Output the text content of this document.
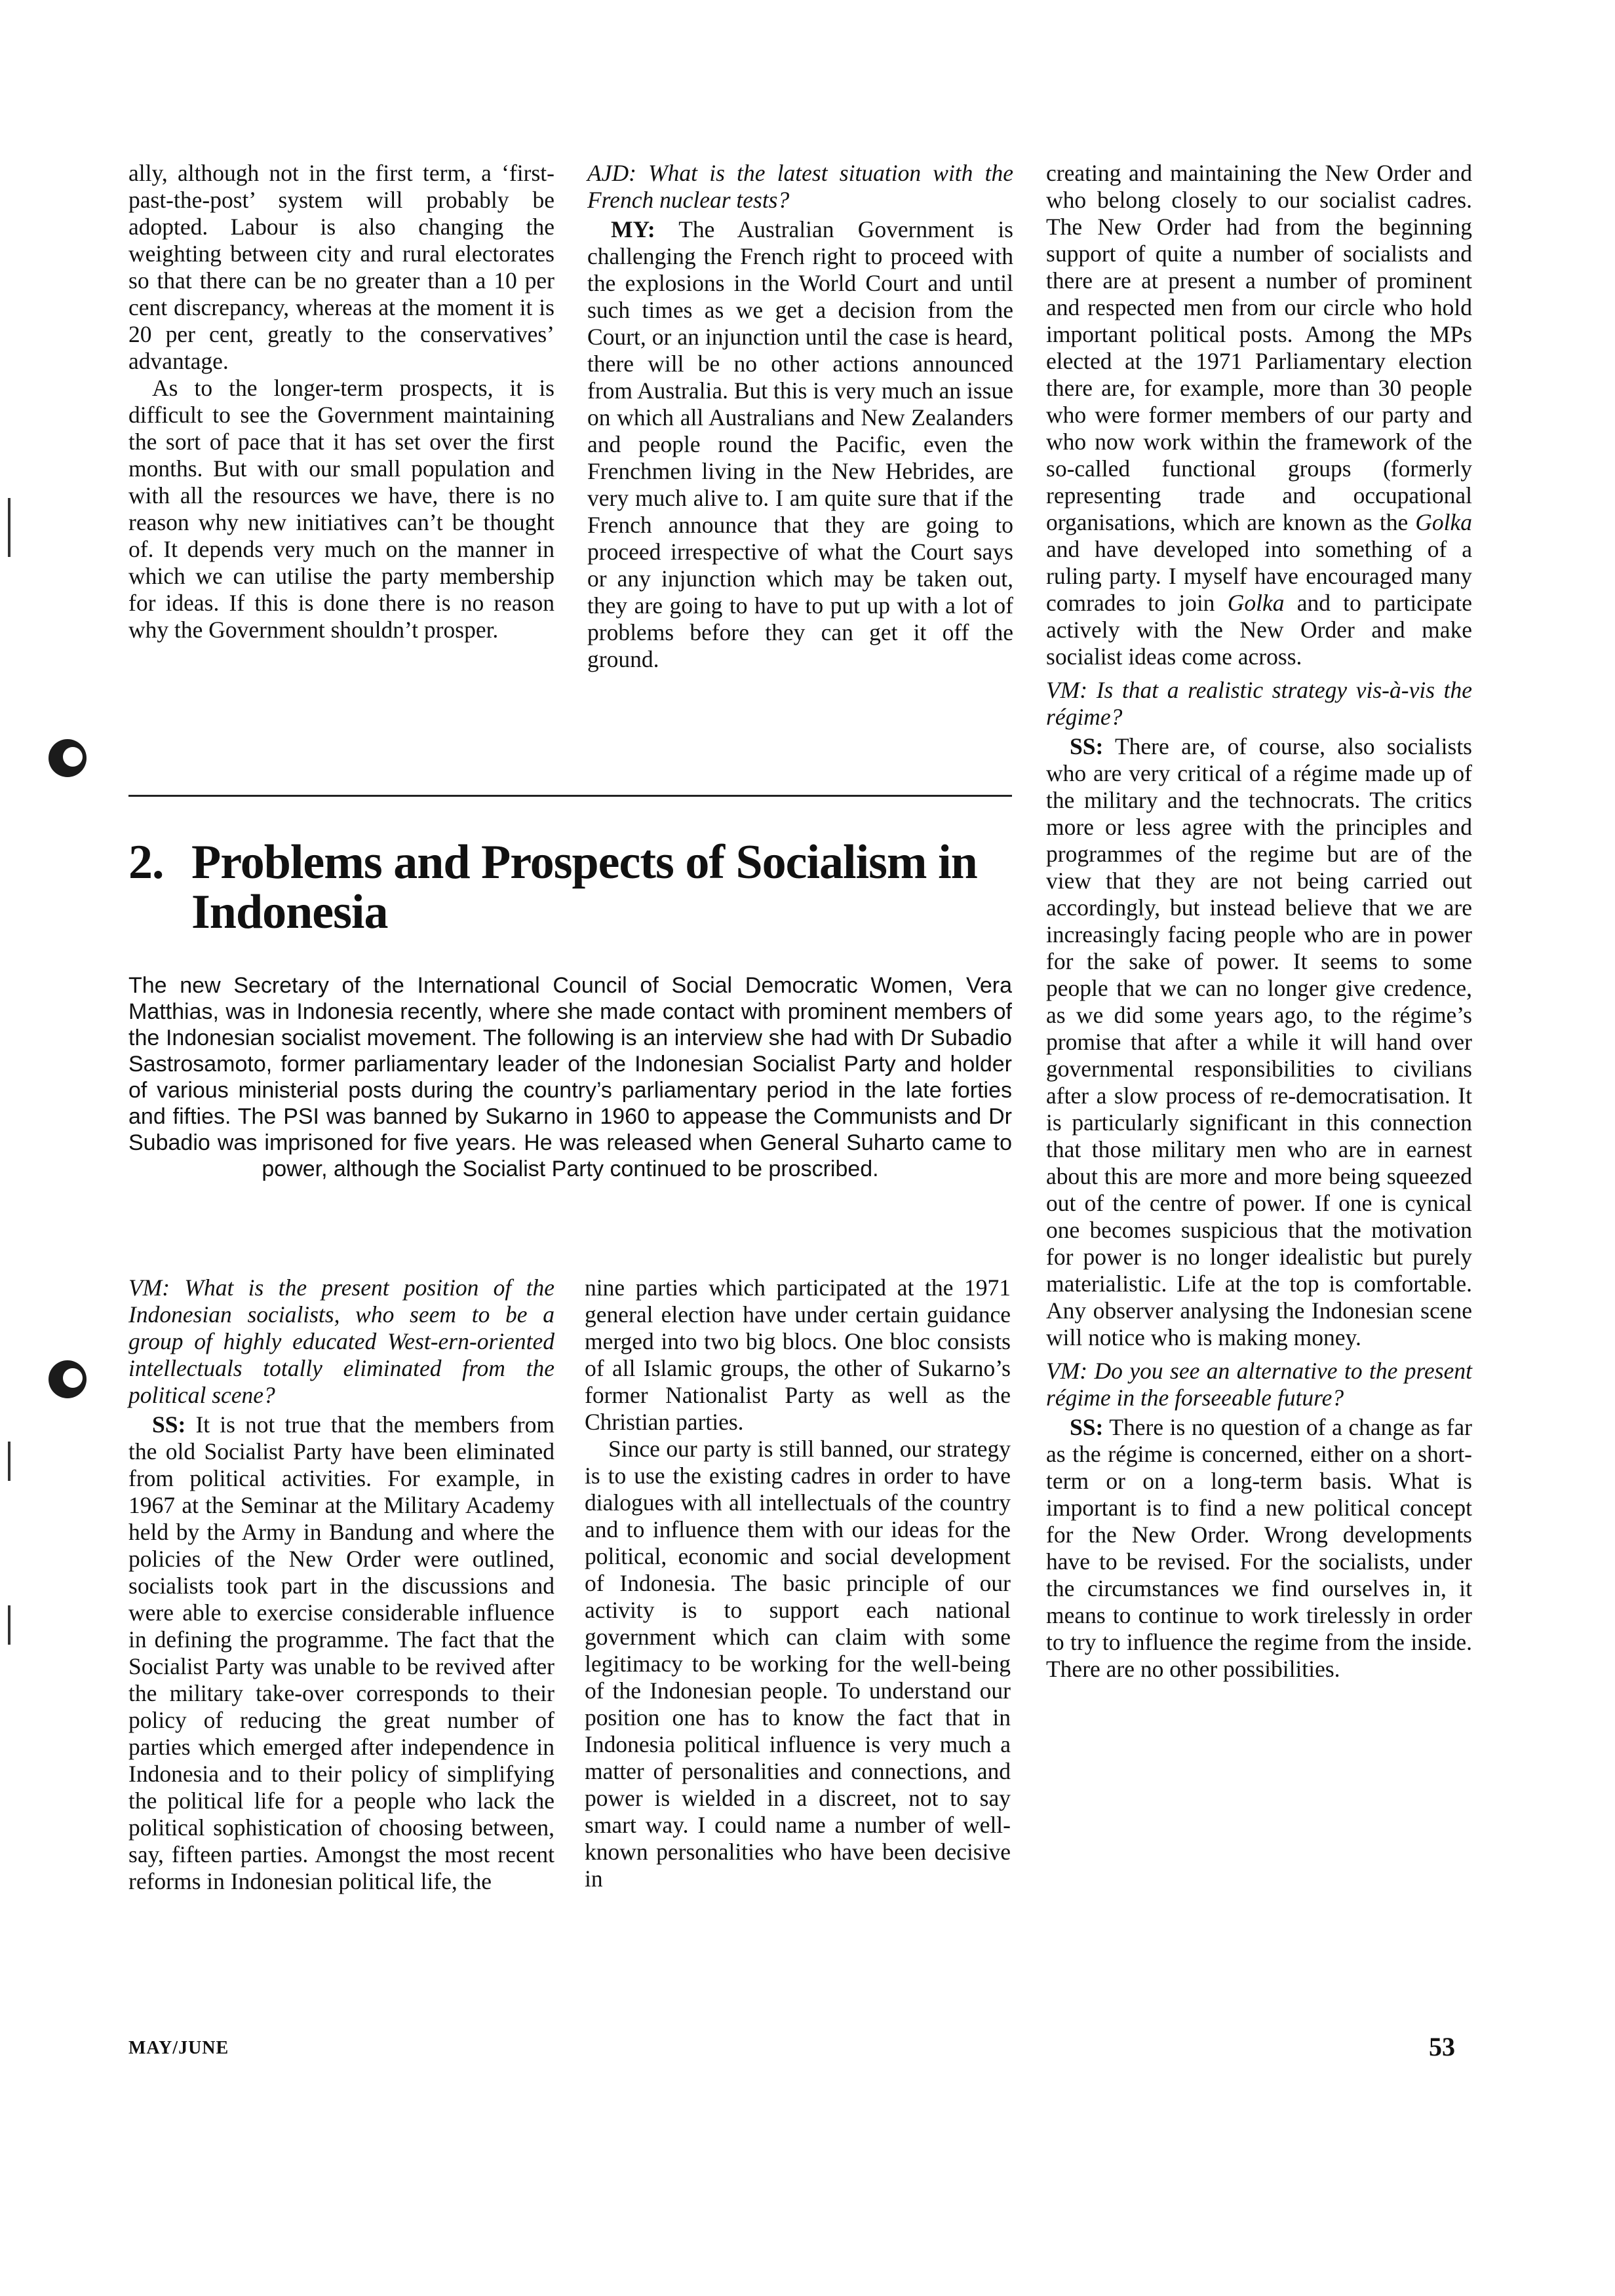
ally, although not in the first term, a ‘first-past-the-post’ system will probably be adopted. Labour is also changing the weighting between city and rural electorates so that there can be no greater than a 10 per cent discrepancy, whereas at the moment it is 20 per cent, greatly to the conservatives’ advantage.

As to the longer-term prospects, it is difficult to see the Government maintaining the sort of pace that it has set over the first months. But with our small population and with all the resources we have, there is no reason why new initiatives can’t be thought of. It depends very much on the manner in which we can utilise the party membership for ideas. If this is done there is no reason why the Government shouldn’t prosper.

AJD: What is the latest situation with the French nuclear tests?

MY: The Australian Government is challenging the French right to proceed with the explosions in the World Court and until such times as we get a decision from the Court, or an injunction until the case is heard, there will be no other actions announced from Australia. But this is very much an issue on which all Australians and New Zealanders and people round the Pacific, even the Frenchmen living in the New Hebrides, are very much alive to. I am quite sure that if the French announce that they are going to proceed irrespective of what the Court says or any injunction which may be taken out, they are going to have to put up with a lot of problems before they can get it off the ground.

2. Problems and Prospects of Socialism in Indonesia

The new Secretary of the International Council of Social Democratic Women, Vera Matthias, was in Indonesia recently, where she made contact with prominent members of the Indonesian socialist movement. The following is an interview she had with Dr Subadio Sastrosamoto, former parliamentary leader of the Indonesian Socialist Party and holder of various ministerial posts during the country’s parliamentary period in the late forties and fifties. The PSI was banned by Sukarno in 1960 to appease the Communists and Dr Subadio was imprisoned for five years. He was released when General Suharto came to power, although the Socialist Party continued to be proscribed.

VM: What is the present position of the Indonesian socialists, who seem to be a group of highly educated West-ern-oriented intellectuals totally eliminated from the political scene?

SS: It is not true that the members from the old Socialist Party have been eliminated from political activities. For example, in 1967 at the Seminar at the Military Academy held by the Army in Bandung and where the policies of the New Order were outlined, socialists took part in the discussions and were able to exercise considerable influence in defining the programme. The fact that the Socialist Party was unable to be revived after the military take-over corresponds to their policy of reducing the great number of parties which emerged after independence in Indonesia and to their policy of simplifying the political life for a people who lack the political sophistication of choosing between, say, fifteen parties. Amongst the most recent reforms in Indonesian political life, the

nine parties which participated at the 1971 general election have under certain guidance merged into two big blocs. One bloc consists of all Islamic groups, the other of Sukarno’s former Nationalist Party as well as the Christian parties.

Since our party is still banned, our strategy is to use the existing cadres in order to have dialogues with all intellectuals of the country and to influence them with our ideas for the political, economic and social development of Indonesia. The basic principle of our activity is to support each national government which can claim with some legitimacy to be working for the well-being of the Indonesian people. To understand our position one has to know the fact that in Indonesia political influence is very much a matter of personalities and connections, and power is wielded in a discreet, not to say smart way. I could name a number of well-known personalities who have been decisive in

creating and maintaining the New Order and who belong closely to our socialist cadres. The New Order had from the beginning support of quite a number of socialists and there are at present a number of prominent and respected men from our circle who hold important political posts. Among the MPs elected at the 1971 Parliamentary election there are, for example, more than 30 people who were former members of our party and who now work within the framework of the so-called functional groups (formerly representing trade and occupational organisations, which are known as the Golka and have developed into something of a ruling party. I myself have encouraged many comrades to join Golka and to participate actively with the New Order and make socialist ideas come across.

VM: Is that a realistic strategy vis-à-vis the régime?

SS: There are, of course, also socialists who are very critical of a régime made up of the military and the technocrats. The critics more or less agree with the principles and programmes of the regime but are of the view that they are not being carried out accordingly, but instead believe that we are increasingly facing people who are in power for the sake of power. It seems to some people that we can no longer give credence, as we did some years ago, to the régime’s promise that after a while it will hand over governmental responsibilities to civilians after a slow process of re-democratisation. It is particularly significant in this connection that those military men who are in earnest about this are more and more being squeezed out of the centre of power. If one is cynical one becomes suspicious that the motivation for power is no longer idealistic but purely materialistic. Life at the top is comfortable. Any observer analysing the Indonesian scene will notice who is making money.

VM: Do you see an alternative to the present régime in the forseeable future?

SS: There is no question of a change as far as the régime is concerned, either on a short-term or on a long-term basis. What is important is to find a new political concept for the New Order. Wrong developments have to be revised. For the socialists, under the circumstances we find ourselves in, it means to continue to work tirelessly in order to try to influence the regime from the inside. There are no other possibilities.

MAY/JUNE	53
